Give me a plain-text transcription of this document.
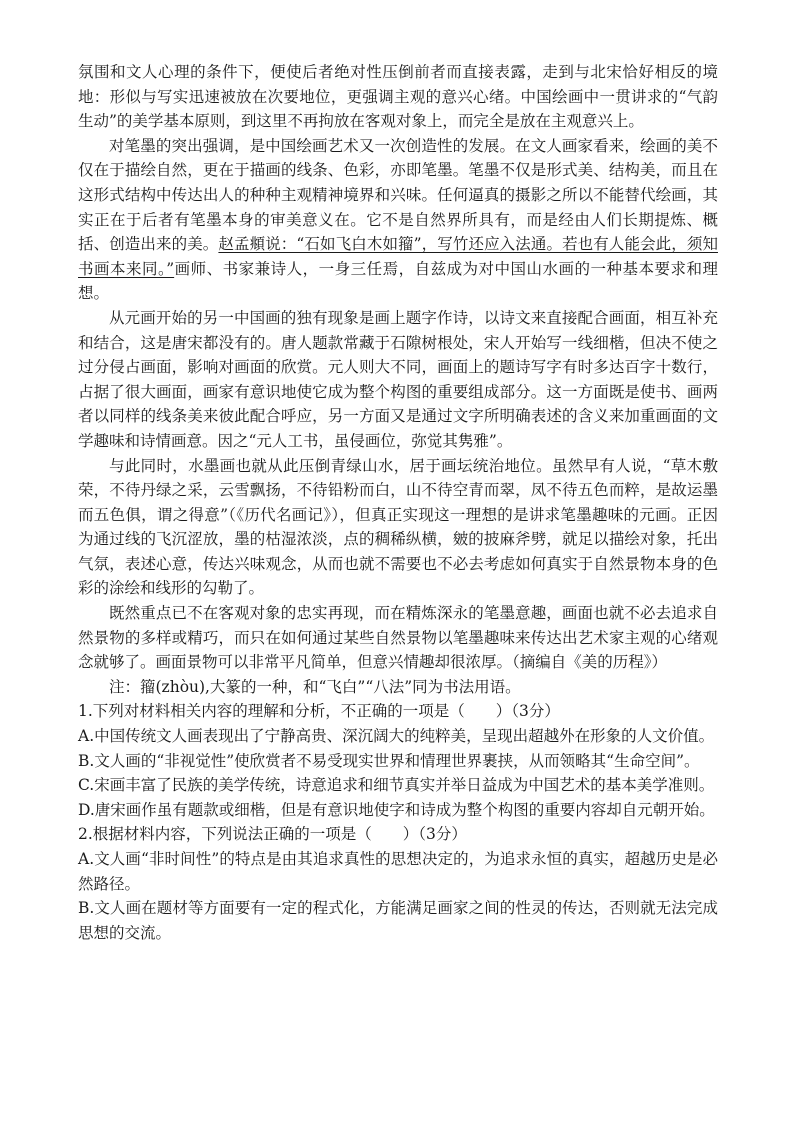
氛围和文人心理的条件下，便使后者绝对性压倒前者而直接表露，走到与北宋恰好相反的境地：形似与写实迅速被放在次要地位，更强调主观的意兴心绪。中国绘画中一贯讲求的“气韵生动”的美学基本原则，到这里不再拘放在客观对象上，而完全是放在主观意兴上。

对笔墨的突出强调，是中国绘画艺术又一次创造性的发展。在文人画家看来，绘画的美不仅在于描绘自然，更在于描画的线条、色彩，亦即笔墨。笔墨不仅是形式美、结构美，而且在这形式结构中传达出人的种种主观精神境界和兴味。任何逼真的摄影之所以不能替代绘画，其实正在于后者有笔墨本身的审美意义在。它不是自然界所具有，而是经由人们长期提炼、概括、创造出来的美。赵孟頫说：“石如飞白木如籀”，写竹还应入法通。若也有人能会此，须知书画本来同。”画师、书家兼诗人，一身三任焉，自兹成为对中国山水画的一种基本要求和理想。

从元画开始的另一中国画的独有现象是画上题字作诗，以诗文来直接配合画面，相互补充和结合，这是唐宋都没有的。唐人题款常藏于石隙树根处，宋人开始写一线细楷，但决不使之过分侵占画面，影响对画面的欣赏。元人则大不同，画面上的题诗写字有时多达百字十数行，占据了很大画面，画家有意识地使它成为整个构图的重要组成部分。这一方面既是使书、画两者以同样的线条美来彼此配合呼应，另一方面又是通过文字所明确表述的含义来加重画面的文学趣味和诗情画意。因之“元人工书，虽侵画位，弥觉其隽雅”。

与此同时，水墨画也就从此压倒青绿山水，居于画坛统治地位。虽然早有人说，“草木敷荣，不待丹绿之采，云雪飘扬，不待铅粉而白，山不待空青而翠，凤不待五色而粹，是故运墨而五色俱，谓之得意”（《历代名画记》），但真正实现这一理想的是讲求笔墨趣味的元画。正因为通过线的飞沉涩放，墨的枯湿浓淡，点的稠稀纵横，皴的披麻斧劈，就足以描绘对象，托出气氛，表述心意，传达兴味观念，从而也就不需要也不必去考虑如何真实于自然景物本身的色彩的涂绘和线形的勾勒了。

既然重点已不在客观对象的忠实再现，而在精炼深永的笔墨意趣，画面也就不必去追求自然景物的多样或精巧，而只在如何通过某些自然景物以笔墨趣味来传达出艺术家主观的心绪观念就够了。画面景物可以非常平凡简单，但意兴情趣却很浓厚。（摘编自《美的历程》）

注：籀(zhòu),大篆的一种，和“飞白”“八法”同为书法用语。

1.下列对材料相关内容的理解和分析，不正确的一项是（　　）（3分）

A.中国传统文人画表现出了宁静高贵、深沉阔大的纯粹美，呈现出超越外在形象的人文价值。

B.文人画的“非视觉性”使欣赏者不易受现实世界和情理世界裹挟，从而领略其“生命空间”。

C.宋画丰富了民族的美学传统，诗意追求和细节真实并举日益成为中国艺术的基本美学准则。

D.唐宋画作虽有题款或细楷，但是有意识地使字和诗成为整个构图的重要内容却自元朝开始。

2.根据材料内容，下列说法正确的一项是（　　）（3分）

A.文人画“非时间性”的特点是由其追求真性的思想决定的，为追求永恒的真实，超越历史是必然路径。

B.文人画在题材等方面要有一定的程式化，方能满足画家之间的性灵的传达，否则就无法完成思想的交流。
